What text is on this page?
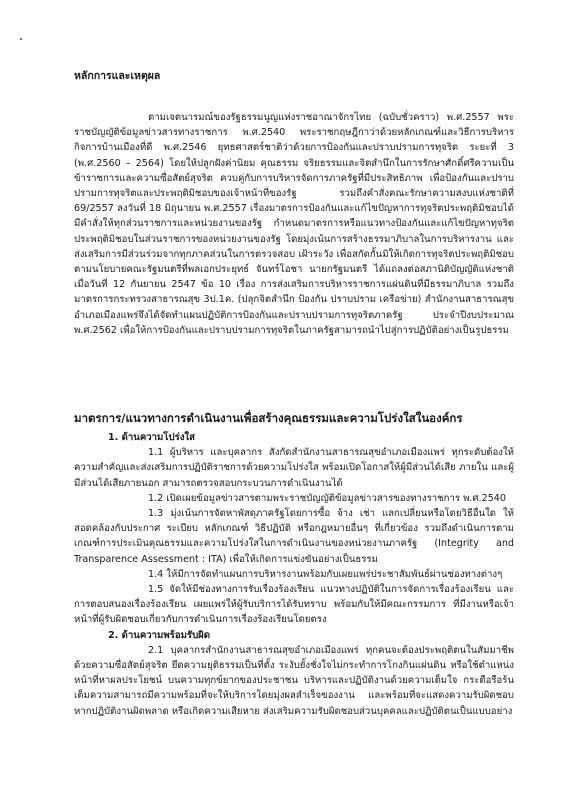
หลักการและเหตุผล

ตามเจตนารมณ์ของรัฐธรรมนูญแห่งราชอาณาจักรไทย (ฉบับชั่วคราว) พ.ศ.2557 พระราชบัญญัติข้อมูลข่าวสารทางราชการ พ.ศ.2540 พระราชกฤษฎีกาว่าด้วยหลักเกณฑ์และวิธีการบริหารกิจการบ้านเมืองที่ดี พ.ศ.2546 ยุทธศาสตร์ชาติว่าด้วยการป้องกันและปราบปรามการทุจริต ระยะที่ 3 (พ.ศ.2560 – 2564) โดยให้ปลูกฝังค่านิยม คุณธรรม จริยธรรมและจิตสำนึกในการรักษาศักดิ์ศรีความเป็นข้าราชการและความซื่อสัตย์สุจริต ควบคู่กับการบริหารจัดการภาครัฐที่มีประสิทธิภาพ เพื่อป้องกันและปราบปรามการทุจริตและประพฤติมิชอบของเจ้าหน้าที่ของรัฐ รวมถึงคำสั่งคณะรักษาความสงบแห่งชาติที่ 69/2557 ลงวันที่ 18 มิถุนายน พ.ศ.2557 เรื่องมาตรการป้องกันและแก้ไขปัญหาการทุจริตประพฤติมิชอบได้มีคำสั่งให้ทุกส่วนราชการและหน่วยงานของรัฐ กำหนดมาตรการหรือแนวทางป้องกันและแก้ไขปัญหาทุจริตประพฤติมิชอบในส่วนราชการของหน่วยงานของรัฐ โดยมุ่งเน้นการสร้างธรรมาภิบาลในการบริหารงาน และส่งเสริมการมีส่วนร่วมจากทุกภาคส่วนในการตรวจสอบ เฝ้าระวัง เพื่อสกัดกั้นมิให้เกิดการทุจริตประพฤติมิชอบตามนโยบายคณะรัฐมนตรีที่พลเอกประยุทธ์ จันทร์โอชา นายกรัฐมนตรี ได้แถลงต่อสภานิติบัญญัติแห่งชาติเมื่อวันที่ 12 กันยายน 2547 ข้อ 10 เรื่อง การส่งเสริมการบริหารราชการแผ่นดินที่มีธรรมาภิบาล รวมถึงมาตรการกระทรวงสาธารณสุข 3ป.1ค. (ปลุกจิตสำนึก ป้องกัน ปราบปราม เครือข่าย) สำนักงานสาธารณสุขอำเภอเมืองแพร่จึงได้จัดทำแผนปฏิบัติการป้องกันและปราบปรามการทุจริตภาครัฐ ประจำปีงบประมาณ พ.ศ.2562 เพื่อให้การป้องกันและปราบปรามการทุจริตในภาครัฐสามารถนำไปสู่การปฏิบัติอย่างเป็นรูปธรรม

มาตรการ/แนวทางการดำเนินงานเพื่อสร้างคุณธรรมและความโปร่งใสในองค์กร

1. ด้านความโปร่งใส

1.1 ผู้บริหาร และบุคลากร สังกัดสำนักงานสาธารณสุขอำเภอเมืองแพร่ ทุกระดับต้องให้ความสำคัญและส่งเสริมการปฏิบัติราชการด้วยความโปร่งใส พร้อมเปิดโอกาสให้ผู้มีส่วนได้เสีย ภายใน และผู้มีส่วนได้เสียภายนอก สามารถตรวจสอบกระบวนการดำเนินงานได้

1.2 เปิดเผยข้อมูลข่าวสารตามพระราชบัญญัติข้อมูลข่าวสารของทางราชการ พ.ศ.2540

1.3 มุ่งเน้นการจัดหาพัสดุภาครัฐโดยการซื้อ จ้าง เช่า แลกเปลี่ยนหรือโดยวิธีอื่นใด ให้สอดคล้องกับประกาศ ระเบียบ หลักเกณฑ์ วิธีปฏิบัติ หรือกฎหมายอื่นๆ ที่เกี่ยวข้อง รวมถึงดำเนินการตามเกณฑ์การประเมินคุณธรรมและความโปร่งใสในการดำเนินงานของหน่วยงานภาครัฐ (Integrity and Transparence Assessment : ITA) เพื่อให้เกิดการแข่งขันอย่างเป็นธรรม

1.4 ให้มีการจัดทำแผนการบริหารงานพร้อมกับเผยแพร่ประชาสัมพันธ์ผ่านช่องทางต่างๆ

1.5 จัดให้มีช่องทางการรับเรื่องร้องเรียน แนวทางปฏิบัติในการจัดการเรื่องร้องเรียน และการตอบสนองเรื่องร้องเรียน เผยแพร่ให้ผู้รับบริการได้รับทราบ พร้อมกับให้มีคณะกรรมการ ที่มีงานหรือเจ้าหน้าที่ผู้รับผิดชอบเกี่ยวกับการดำเนินการเรื่องร้องเรียนโดยตรง

2. ด้านความพร้อมรับผิด

2.1 บุคลากรสำนักงานสาธารณสุขอำเภอเมืองแพร่ ทุกคนจะต้องประพฤติตนในสัมมาชีพด้วยความซื่อสัตย์สุจริต ยึดความยุติธรรมเป็นที่ตั้ง ระงับยั้งชั่งใจไม่กระทำการโกงกินแผ่นดิน หรือใช้ตำแหน่งหน้าที่หาผลประโยชน์ บนความทุกข์ยากของประชาชน บริหารและปฏิบัติงานด้วยความเต็มใจ กระตือรือร้น เต็มความสามารถมีความพร้อมที่จะให้บริการโดยมุ่งผลสำเร็จของงาน และพร้อมที่จะแสดงความรับผิดชอบหากปฏิบัติงานผิดพลาด หรือเกิดความเสียหาย ส่งเสริมความรับผิดชอบส่วนบุคคลและปฏิบัติตนเป็นแบบอย่าง
